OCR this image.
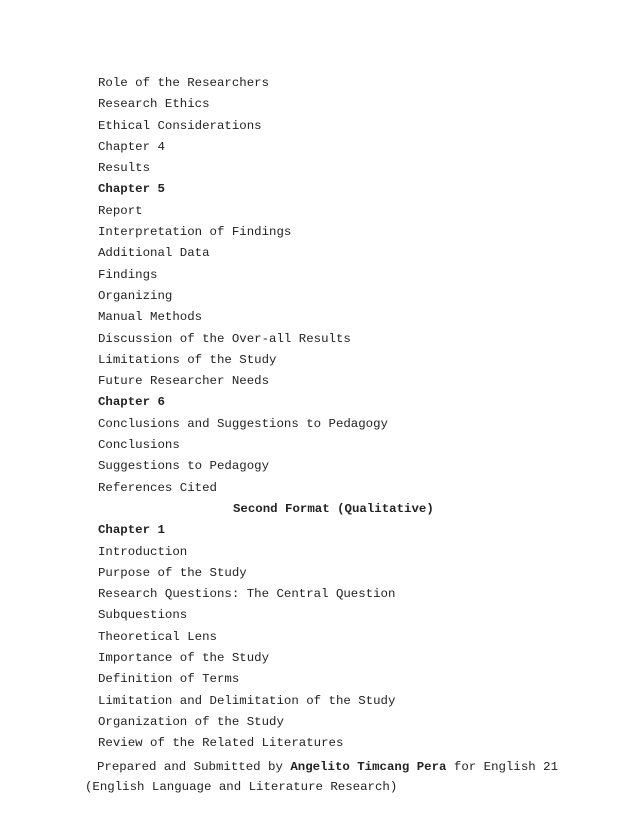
Role of the Researchers
Research Ethics
Ethical Considerations
Chapter 4
Results
Chapter 5
Report
Interpretation of Findings
Additional Data
Findings
Organizing
Manual Methods
Discussion of the Over-all Results
Limitations of the Study
Future Researcher Needs
Chapter 6
Conclusions and Suggestions to Pedagogy
Conclusions
Suggestions to Pedagogy
References Cited
Second Format (Qualitative)
Chapter 1
Introduction
Purpose of the Study
Research Questions: The Central Question
Subquestions
Theoretical Lens
Importance of the Study
Definition of Terms
Limitation and Delimitation of the Study
Organization of the Study
Review of the Related Literatures
Prepared and Submitted by Angelito Timcang Pera for English 21
(English Language and Literature Research)
